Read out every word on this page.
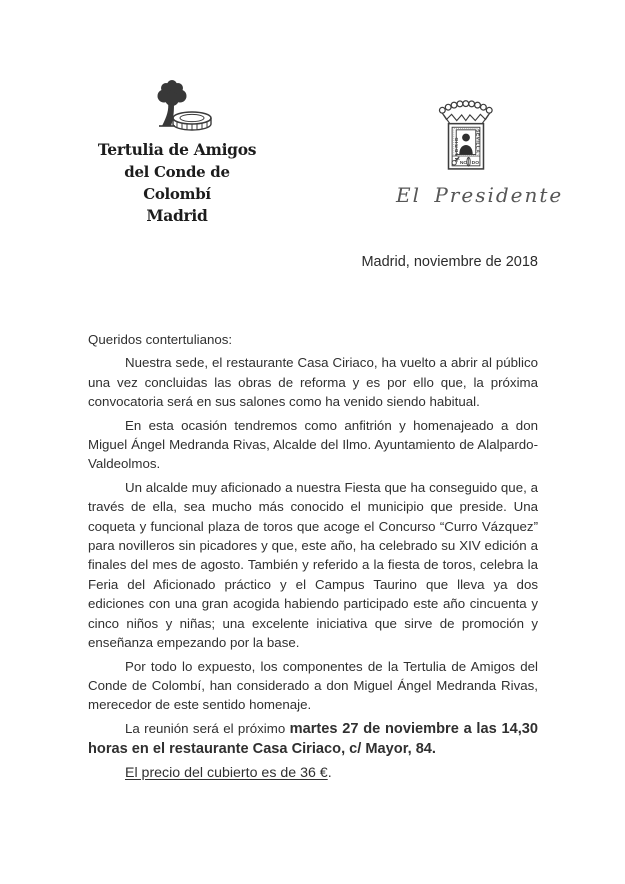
Tertulia de Amigos
del Conde de Colombí
Madrid
MADRID	SEVILLA
NO DO
El Presidente
Madrid, noviembre de 2018

Queridos contertulianos:

Nuestra sede, el restaurante Casa Ciriaco, ha vuelto a abrir al público una vez concluidas las obras de reforma y es por ello que, la próxima convocatoria será en sus salones como ha venido siendo habitual.

En esta ocasión tendremos como anfitrión y homenajeado a don Miguel Ángel Medranda Rivas, Alcalde del Ilmo. Ayuntamiento de Alalpardo-Valdeolmos.

Un alcalde muy aficionado a nuestra Fiesta que ha conseguido que, a través de ella, sea mucho más conocido el municipio que preside. Una coqueta y funcional plaza de toros que acoge el Concurso “Curro Vázquez” para novilleros sin picadores y que, este año, ha celebrado su XIV edición a finales del mes de agosto. También y referido a la fiesta de toros, celebra la Feria del Aficionado práctico y el Campus Taurino que lleva ya dos ediciones con una gran acogida habiendo participado este año cincuenta y cinco niños y niñas; una excelente iniciativa que sirve de promoción y enseñanza empezando por la base.

Por todo lo expuesto, los componentes de la Tertulia de Amigos del Conde de Colombí, han considerado a don Miguel Ángel Medranda Rivas, merecedor de este sentido homenaje.

La reunión será el próximo martes 27 de noviembre a las 14,30 horas en el restaurante Casa Ciriaco, c/ Mayor, 84.

El precio del cubierto es de 36 €.
